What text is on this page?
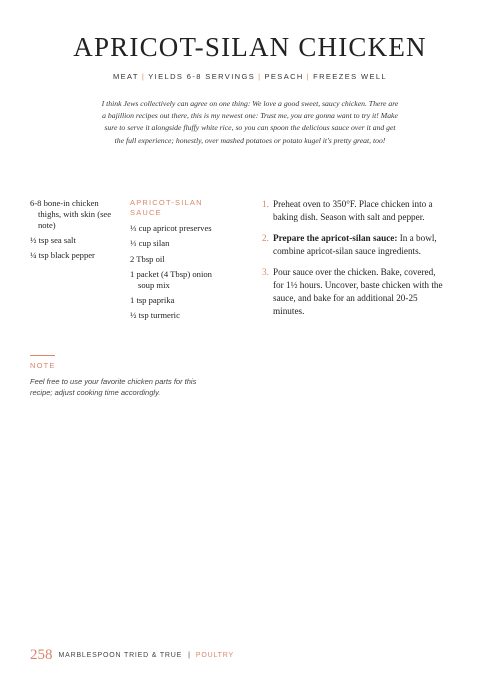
APRICOT-SILAN CHICKEN
MEAT | YIELDS 6-8 SERVINGS | PESACH | FREEZES WELL
I think Jews collectively can agree on one thing: We love a good sweet, saucy chicken. There are a bajillion recipes out there, this is my newest one: Trust me, you are gonna want to try it! Make sure to serve it alongside fluffy white rice, so you can spoon the delicious sauce over it and get the full experience; honestly, over mashed potatoes or potato kugel it's pretty great, too!
6-8 bone-in chicken thighs, with skin (see note)
½ tsp sea salt
¼ tsp black pepper
APRICOT-SILAN SAUCE
⅓ cup apricot preserves
⅓ cup silan
2 Tbsp oil
1 packet (4 Tbsp) onion soup mix
1 tsp paprika
½ tsp turmeric
1. Preheat oven to 350°F. Place chicken into a baking dish. Season with salt and pepper.
2. Prepare the apricot-silan sauce: In a bowl, combine apricot-silan sauce ingredients.
3. Pour sauce over the chicken. Bake, covered, for 1½ hours. Uncover, baste chicken with the sauce, and bake for an additional 20-25 minutes.
NOTE
Feel free to use your favorite chicken parts for this recipe; adjust cooking time accordingly.
258 MARBLESPOON TRIED & TRUE | POULTRY
